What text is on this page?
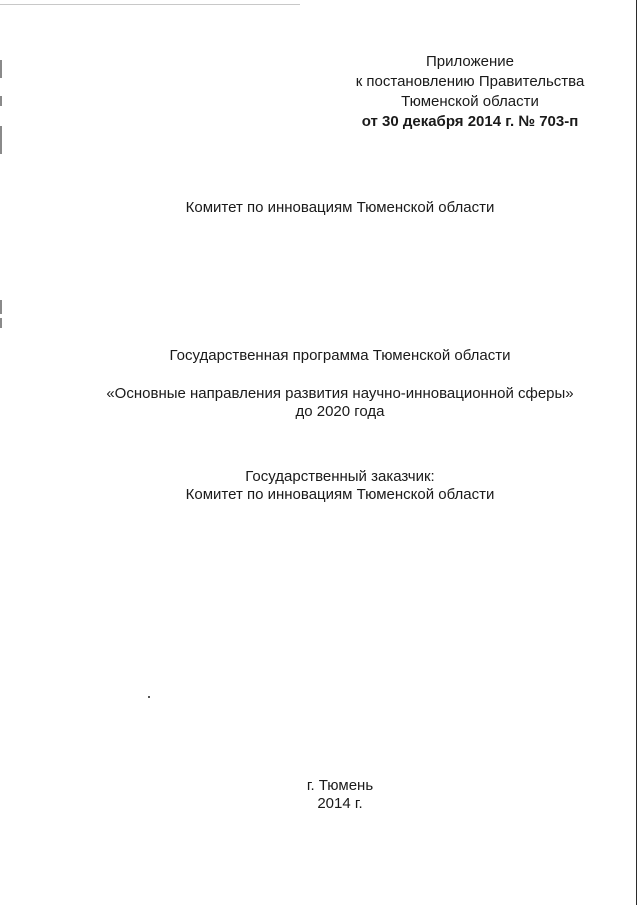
Приложение
к постановлению Правительства
Тюменской области
от 30 декабря 2014 г. № 703-п
Комитет по инновациям Тюменской области
Государственная программа Тюменской области
«Основные направления развития научно-инновационной сферы»
до 2020 года
Государственный заказчик:
Комитет по инновациям Тюменской области
г. Тюмень
2014 г.
